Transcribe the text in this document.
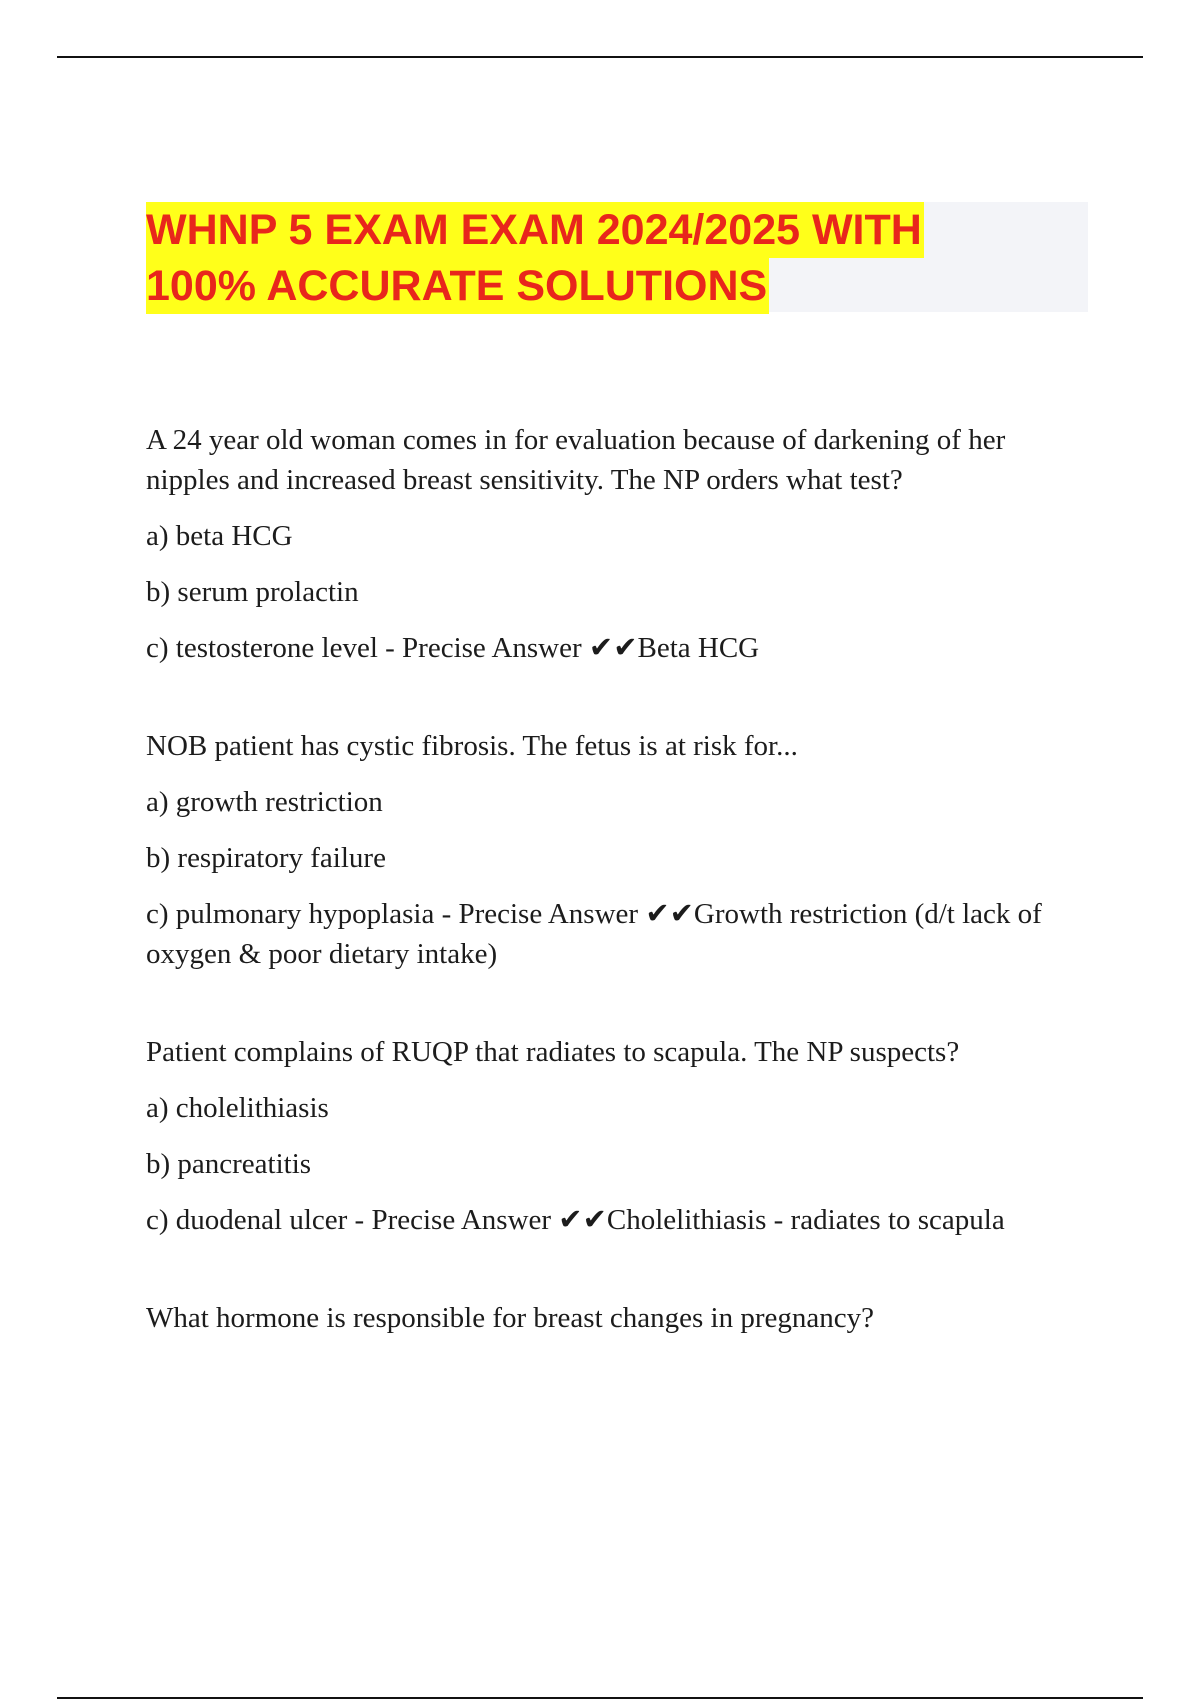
WHNP 5 EXAM EXAM 2024/2025 WITH
100% ACCURATE SOLUTIONS

A 24 year old woman comes in for evaluation because of darkening of her nipples and increased breast sensitivity. The NP orders what test?

a) beta HCG

b) serum prolactin

c) testosterone level - Precise Answer ✔✔Beta HCG

NOB patient has cystic fibrosis. The fetus is at risk for...

a) growth restriction

b) respiratory failure

c) pulmonary hypoplasia - Precise Answer ✔✔Growth restriction (d/t lack of oxygen & poor dietary intake)

Patient complains of RUQP that radiates to scapula. The NP suspects?

a) cholelithiasis

b) pancreatitis

c) duodenal ulcer - Precise Answer ✔✔Cholelithiasis - radiates to scapula

What hormone is responsible for breast changes in pregnancy?
